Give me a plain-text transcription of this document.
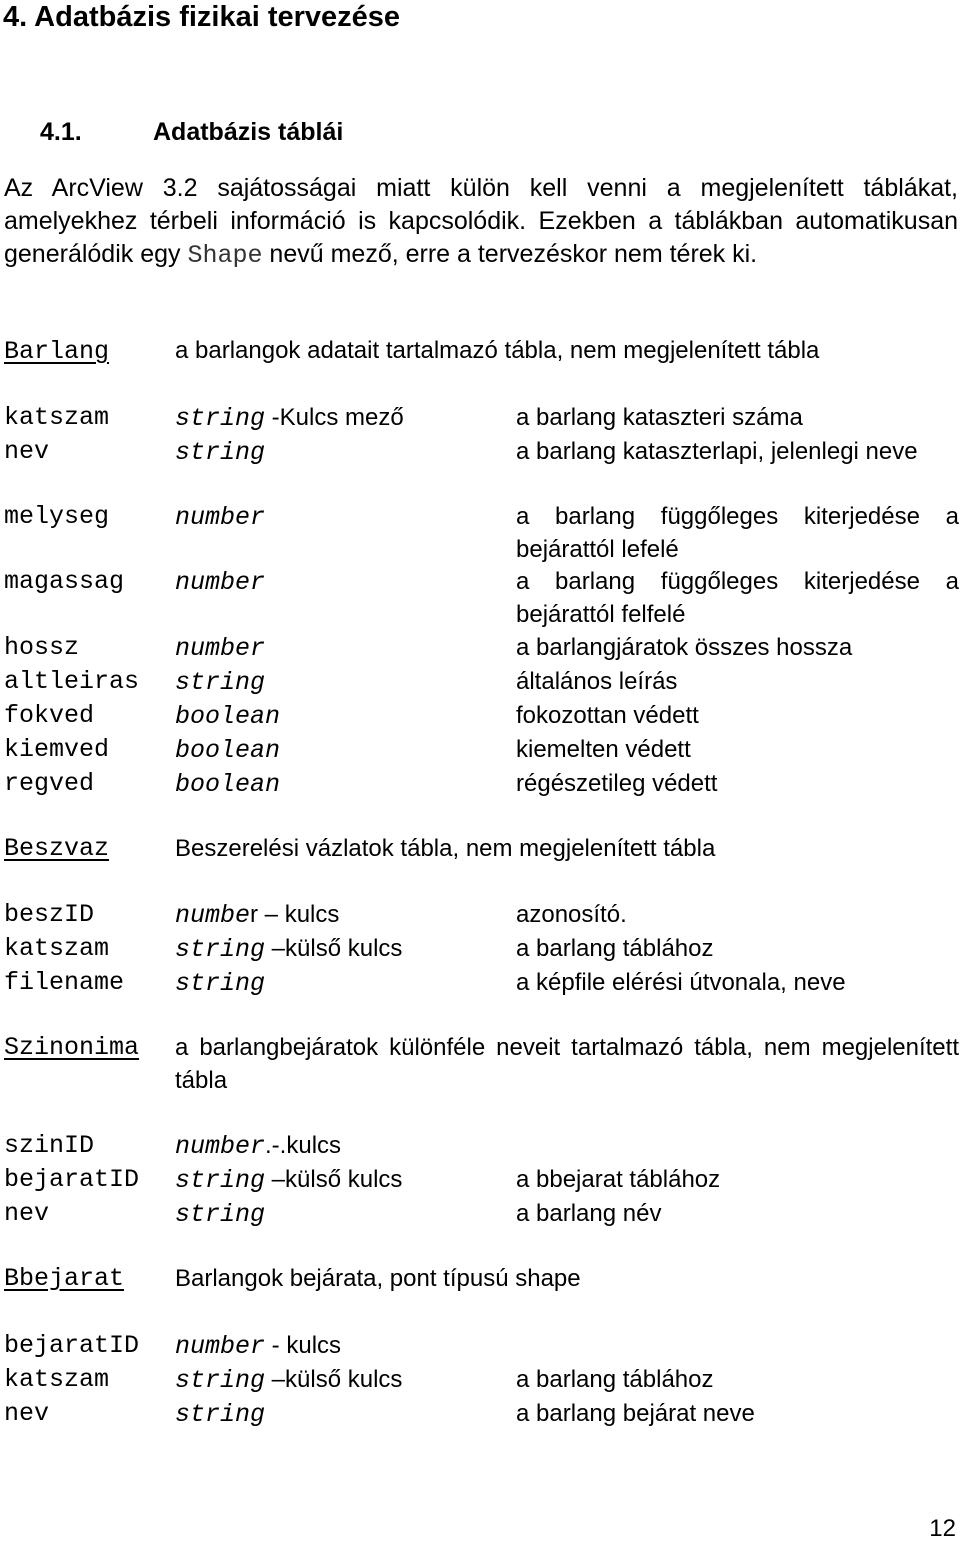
4. Adatbázis fizikai tervezése
4.1.	Adatbázis táblái
Az ArcView 3.2 sajátosságai miatt külön kell venni a megjelenített táblákat, amelyekhez térbeli információ is kapcsolódik. Ezekben a táblákban automatikusan generálódik egy Shape nevű mező, erre a tervezéskor nem térek ki.
Barlang	a barlangok adatait tartalmazó tábla, nem megjelenített tábla
katszam	string -Kulcs mező	a barlang kataszteri száma
nev	string	a barlang kataszterlapi, jelenlegi neve
melyseg	number	a barlang függőleges kiterjedése a bejárattól lefelé
magassag number	a barlang függőleges kiterjedése a bejárattól felfelé
hossz	number	a barlangjáratok összes hossza
altleiras string	általános leírás
fokved	boolean	fokozottan védett
kiemved	boolean	kiemelten védett
regved	boolean	régészetileg védett
Beszvaz	Beszerelési vázlatok tábla, nem megjelenített tábla
beszID	number – kulcs	azonosító.
katszam	string –külső kulcs	a barlang táblához
filename string	a képfile elérési útvonala, neve
Szinonima a barlangbejáratok különféle neveit tartalmazó tábla, nem megjelenített tábla
szinID	number.-.kulcs
bejaratID string –külső kulcs	a bbejarat táblához
nev	string	a barlang név
Bbejarat Barlangok bejárata, pont típusú shape
bejaratID number - kulcs
katszam	string –külső kulcs	a barlang táblához
nev	string	a barlang bejárat neve
12
